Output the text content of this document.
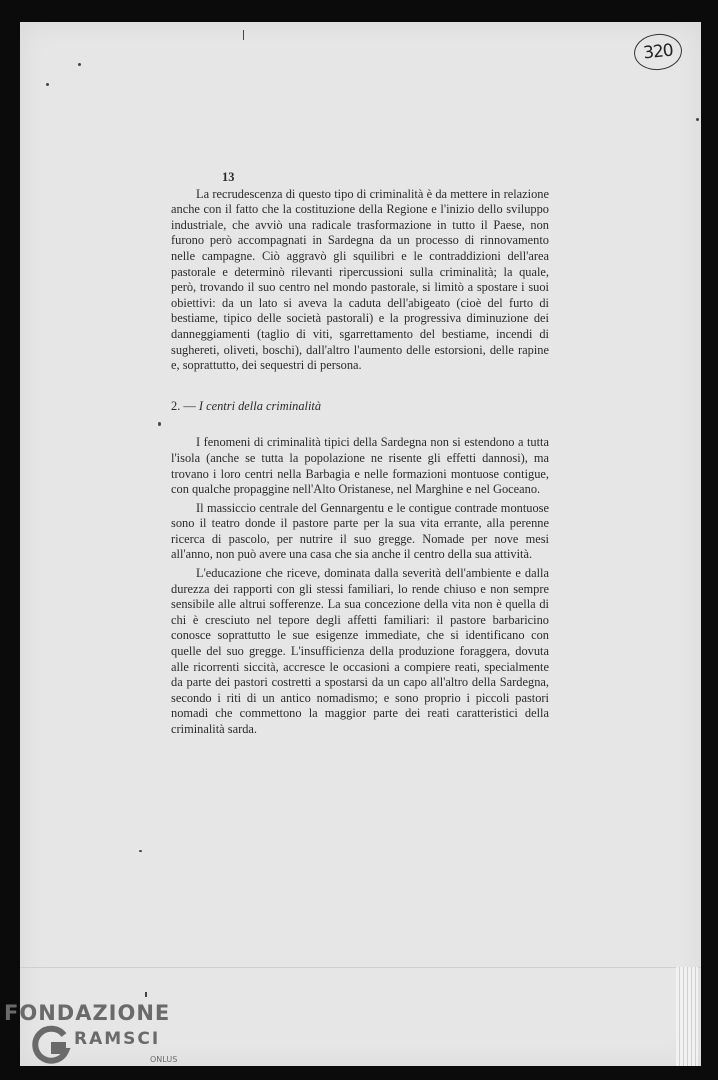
320
13

La recrudescenza di questo tipo di criminalità è da mettere in relazione anche con il fatto che la costituzione della Regione e l'inizio dello sviluppo industriale, che avviò una radicale trasformazione in tutto il Paese, non furono però accompagnati in Sardegna da un processo di rinnovamento nelle campagne. Ciò aggravò gli squilibri e le contraddizioni dell'area pastorale e determinò rilevanti ripercussioni sulla criminalità; la quale, però, trovando il suo centro nel mondo pastorale, si limitò a spostare i suoi obiettivi: da un lato si aveva la caduta dell'abigeato (cioè del furto di bestiame, tipico delle società pastorali) e la progressiva diminuzione dei danneggiamenti (taglio di viti, sgarrettamento del bestiame, incendi di sughereti, oliveti, boschi), dall'altro l'aumento delle estorsioni, delle rapine e, soprattutto, dei sequestri di persona.

2. — I centri della criminalità

I fenomeni di criminalità tipici della Sardegna non si estendono a tutta l'isola (anche se tutta la popolazione ne risente gli effetti dannosi), ma trovano i loro centri nella Barbagia e nelle formazioni montuose contigue, con qualche propaggine nell'Alto Oristanese, nel Marghine e nel Goceano.

Il massiccio centrale del Gennargentu e le contigue contrade montuose sono il teatro donde il pastore parte per la sua vita errante, alla perenne ricerca di pascolo, per nutrire il suo gregge. Nomade per nove mesi all'anno, non può avere una casa che sia anche il centro della sua attività.

L'educazione che riceve, dominata dalla severità dell'ambiente e dalla durezza dei rapporti con gli stessi familiari, lo rende chiuso e non sempre sensibile alle altrui sofferenze. La sua concezione della vita non è quella di chi è cresciuto nel tepore degli affetti familiari: il pastore barbaricino conosce soprattutto le sue esigenze immediate, che si identificano con quelle del suo gregge. L'insufficienza della produzione foraggera, dovuta alle ricorrenti siccità, accresce le occasioni a compiere reati, specialmente da parte dei pastori costretti a spostarsi da un capo all'altro della Sardegna, secondo i riti di un antico nomadismo; e sono proprio i piccoli pastori nomadi che commettono la maggior parte dei reati caratteristici della criminalità sarda.

FONDAZIONE
RAMSCI
ONLUS
